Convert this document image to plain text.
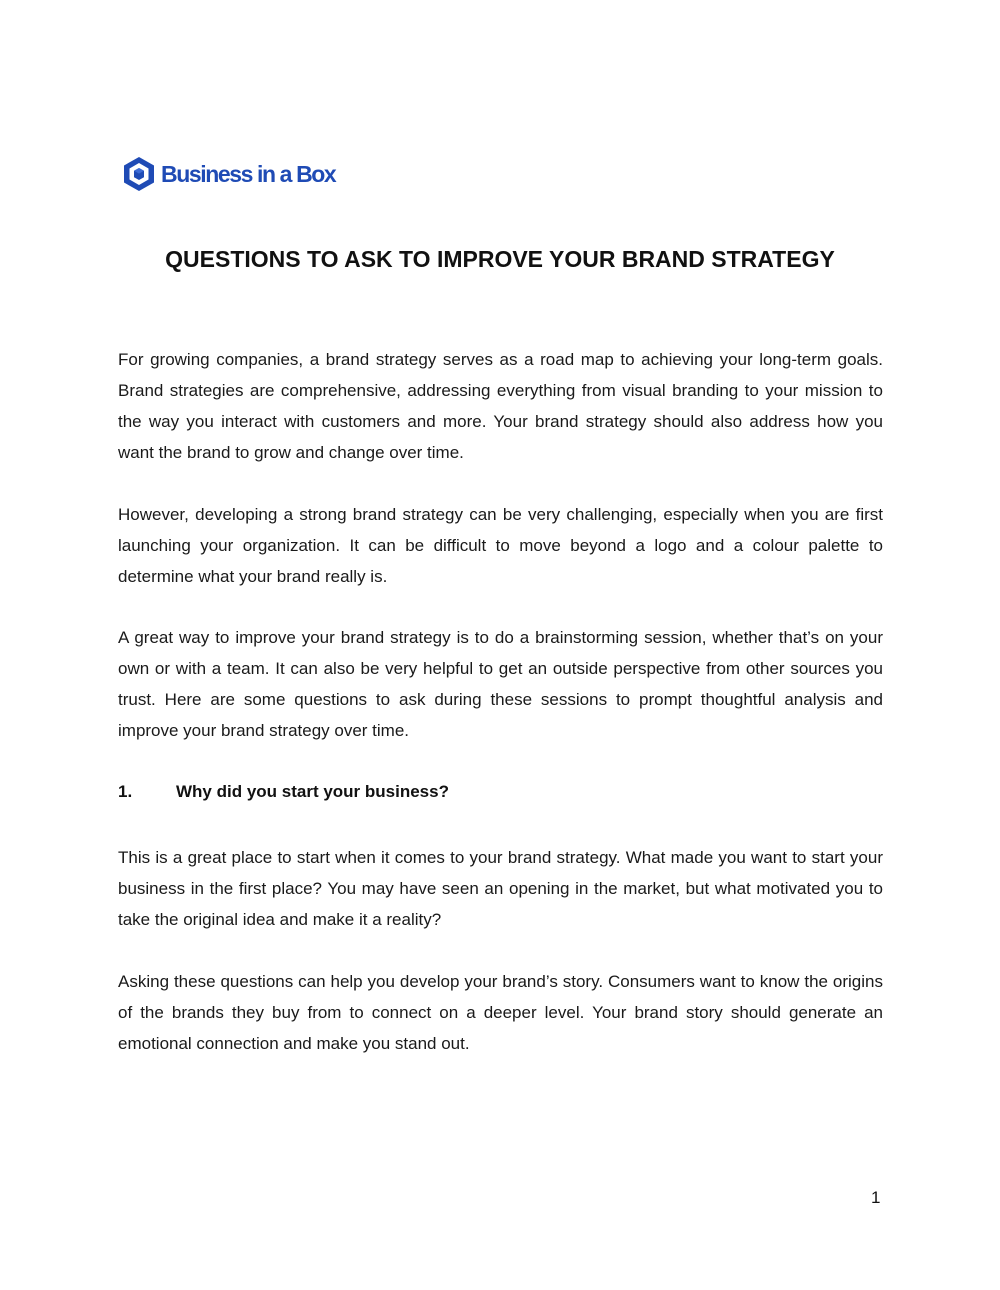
Business in a Box
QUESTIONS TO ASK TO IMPROVE YOUR BRAND STRATEGY

For growing companies, a brand strategy serves as a road map to achieving your long-term goals. Brand strategies are comprehensive, addressing everything from visual branding to your mission to the way you interact with customers and more. Your brand strategy should also address how you want the brand to grow and change over time.

However, developing a strong brand strategy can be very challenging, especially when you are first launching your organization. It can be difficult to move beyond a logo and a colour palette to determine what your brand really is.

A great way to improve your brand strategy is to do a brainstorming session, whether that’s on your own or with a team. It can also be very helpful to get an outside perspective from other sources you trust. Here are some questions to ask during these sessions to prompt thoughtful analysis and improve your brand strategy over time.

1.	Why did you start your business?

This is a great place to start when it comes to your brand strategy. What made you want to start your business in the first place? You may have seen an opening in the market, but what motivated you to take the original idea and make it a reality?

Asking these questions can help you develop your brand’s story. Consumers want to know the origins of the brands they buy from to connect on a deeper level. Your brand story should generate an emotional connection and make you stand out.

1
